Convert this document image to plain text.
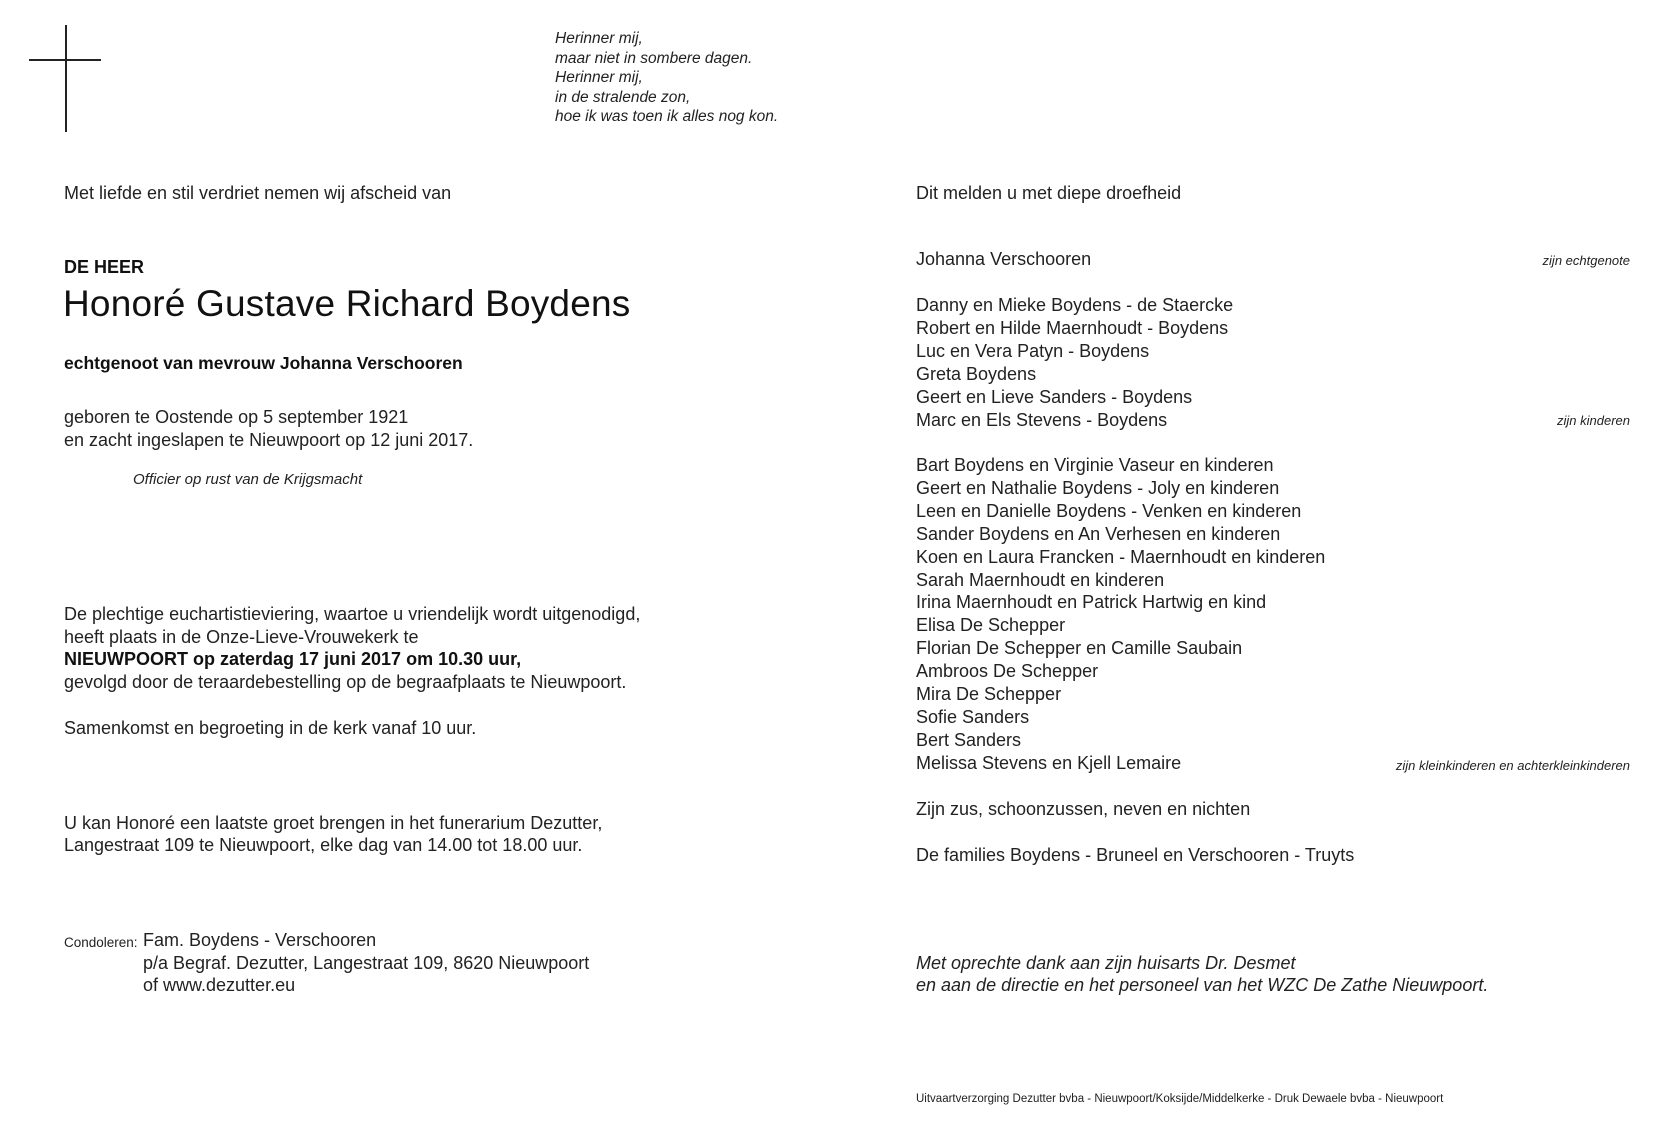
Herinner mij,
maar niet in sombere dagen.
Herinner mij,
in de stralende zon,
hoe ik was toen ik alles nog kon.
Met liefde en stil verdriet nemen wij afscheid van
DE HEER
Honoré Gustave Richard Boydens
echtgenoot van mevrouw Johanna Verschooren
geboren te Oostende op 5 september 1921
en zacht ingeslapen te Nieuwpoort op 12 juni 2017.
Officier op rust van de Krijgsmacht
De plechtige euchartistieviering, waartoe u vriendelijk wordt uitgenodigd,
heeft plaats in de Onze-Lieve-Vrouwekerk te
NIEUWPOORT op zaterdag 17 juni 2017 om 10.30 uur,
gevolgd door de teraardebestelling op de begraafplaats te Nieuwpoort.
Samenkomst en begroeting in de kerk vanaf 10 uur.
U kan Honoré een laatste groet brengen in het funerarium Dezutter,
Langestraat 109 te Nieuwpoort, elke dag van 14.00 tot 18.00 uur.
Condoleren: Fam. Boydens - Verschooren
p/a Begraf. Dezutter, Langestraat 109, 8620 Nieuwpoort
of www.dezutter.eu
Dit melden u met diepe droefheid
Johanna Verschooren	zijn echtgenote
Danny en Mieke Boydens - de Staercke
Robert en Hilde Maernhoudt - Boydens
Luc en Vera Patyn - Boydens
Greta Boydens
Geert en Lieve Sanders - Boydens
Marc en Els Stevens - Boydens	zijn kinderen
Bart Boydens en Virginie Vaseur en kinderen
Geert en Nathalie Boydens - Joly en kinderen
Leen en Danielle Boydens - Venken en kinderen
Sander Boydens en An Verhesen en kinderen
Koen en Laura Francken - Maernhoudt en kinderen
Sarah Maernhoudt en kinderen
Irina Maernhoudt en Patrick Hartwig en kind
Elisa De Schepper
Florian De Schepper en Camille Saubain
Ambroos De Schepper
Mira De Schepper
Sofie Sanders
Bert Sanders
Melissa Stevens en Kjell Lemaire	zijn kleinkinderen en achterkleinkinderen
Zijn zus, schoonzussen, neven en nichten
De families Boydens - Bruneel en Verschooren - Truyts
Met oprechte dank aan zijn huisarts Dr. Desmet
en aan de directie en het personeel van het WZC De Zathe Nieuwpoort.
Uitvaartverzorging Dezutter bvba - Nieuwpoort/Koksijde/Middelkerke - Druk Dewaele bvba - Nieuwpoort
